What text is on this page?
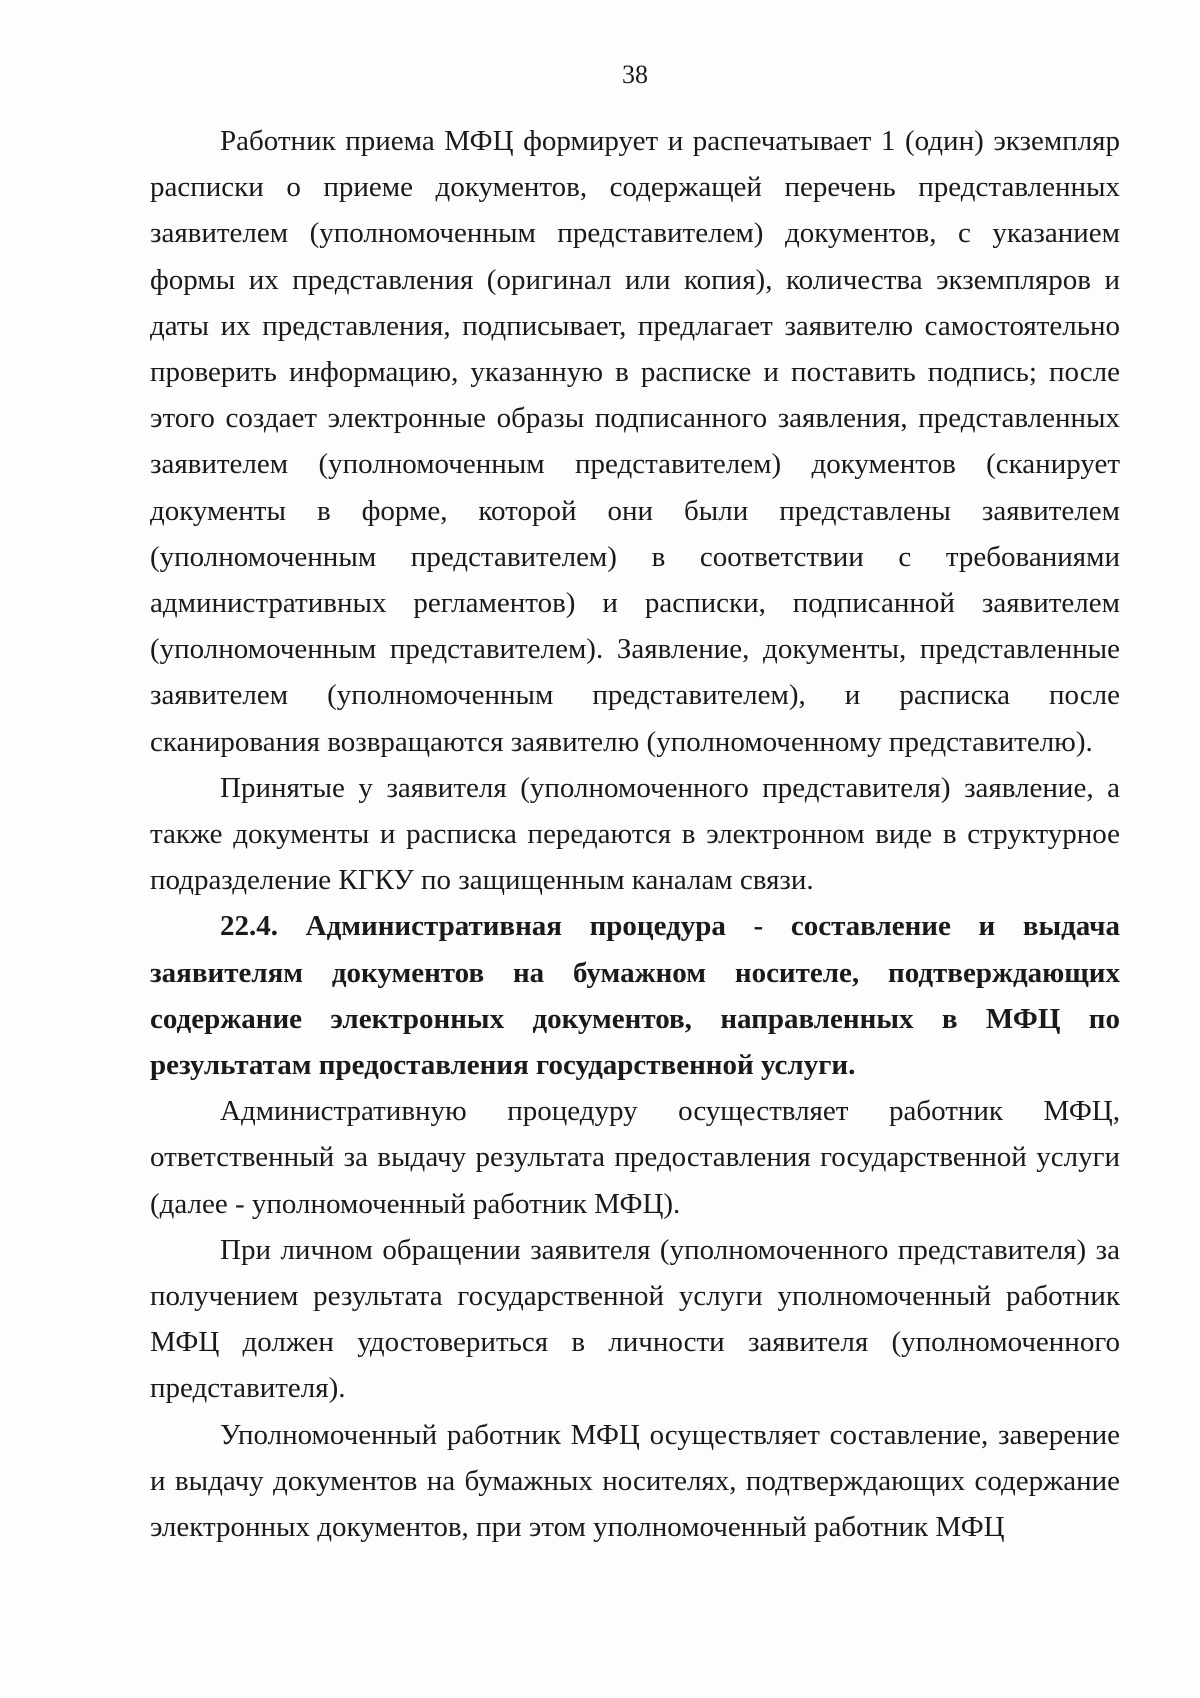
38

Работник приема МФЦ формирует и распечатывает 1 (один) экземпляр расписки о приеме документов, содержащей перечень представленных заявителем (уполномоченным представителем) документов, с указанием формы их представления (оригинал или копия), количества экземпляров и даты их представления, подписывает, предлагает заявителю самостоятельно проверить информацию, указанную в расписке и поставить подпись; после этого создает электронные образы подписанного заявления, представленных заявителем (уполномоченным представителем) документов (сканирует документы в форме, которой они были представлены заявителем (уполномоченным представителем) в соответствии с требованиями административных регламентов) и расписки, подписанной заявителем (уполномоченным представителем). Заявление, документы, представленные заявителем (уполномоченным представителем), и расписка после сканирования возвращаются заявителю (уполномоченному представителю).

Принятые у заявителя (уполномоченного представителя) заявление, а также документы и расписка передаются в электронном виде в структурное подразделение КГКУ по защищенным каналам связи.

22.4. Административная процедура - составление и выдача заявителям документов на бумажном носителе, подтверждающих содержание электронных документов, направленных в МФЦ по результатам предоставления государственной услуги.

Административную процедуру осуществляет работник МФЦ, ответственный за выдачу результата предоставления государственной услуги (далее - уполномоченный работник МФЦ).

При личном обращении заявителя (уполномоченного представителя) за получением результата государственной услуги уполномоченный работник МФЦ должен удостовериться в личности заявителя (уполномоченного представителя).

Уполномоченный работник МФЦ осуществляет составление, заверение и выдачу документов на бумажных носителях, подтверждающих содержание электронных документов, при этом уполномоченный работник МФЦ
